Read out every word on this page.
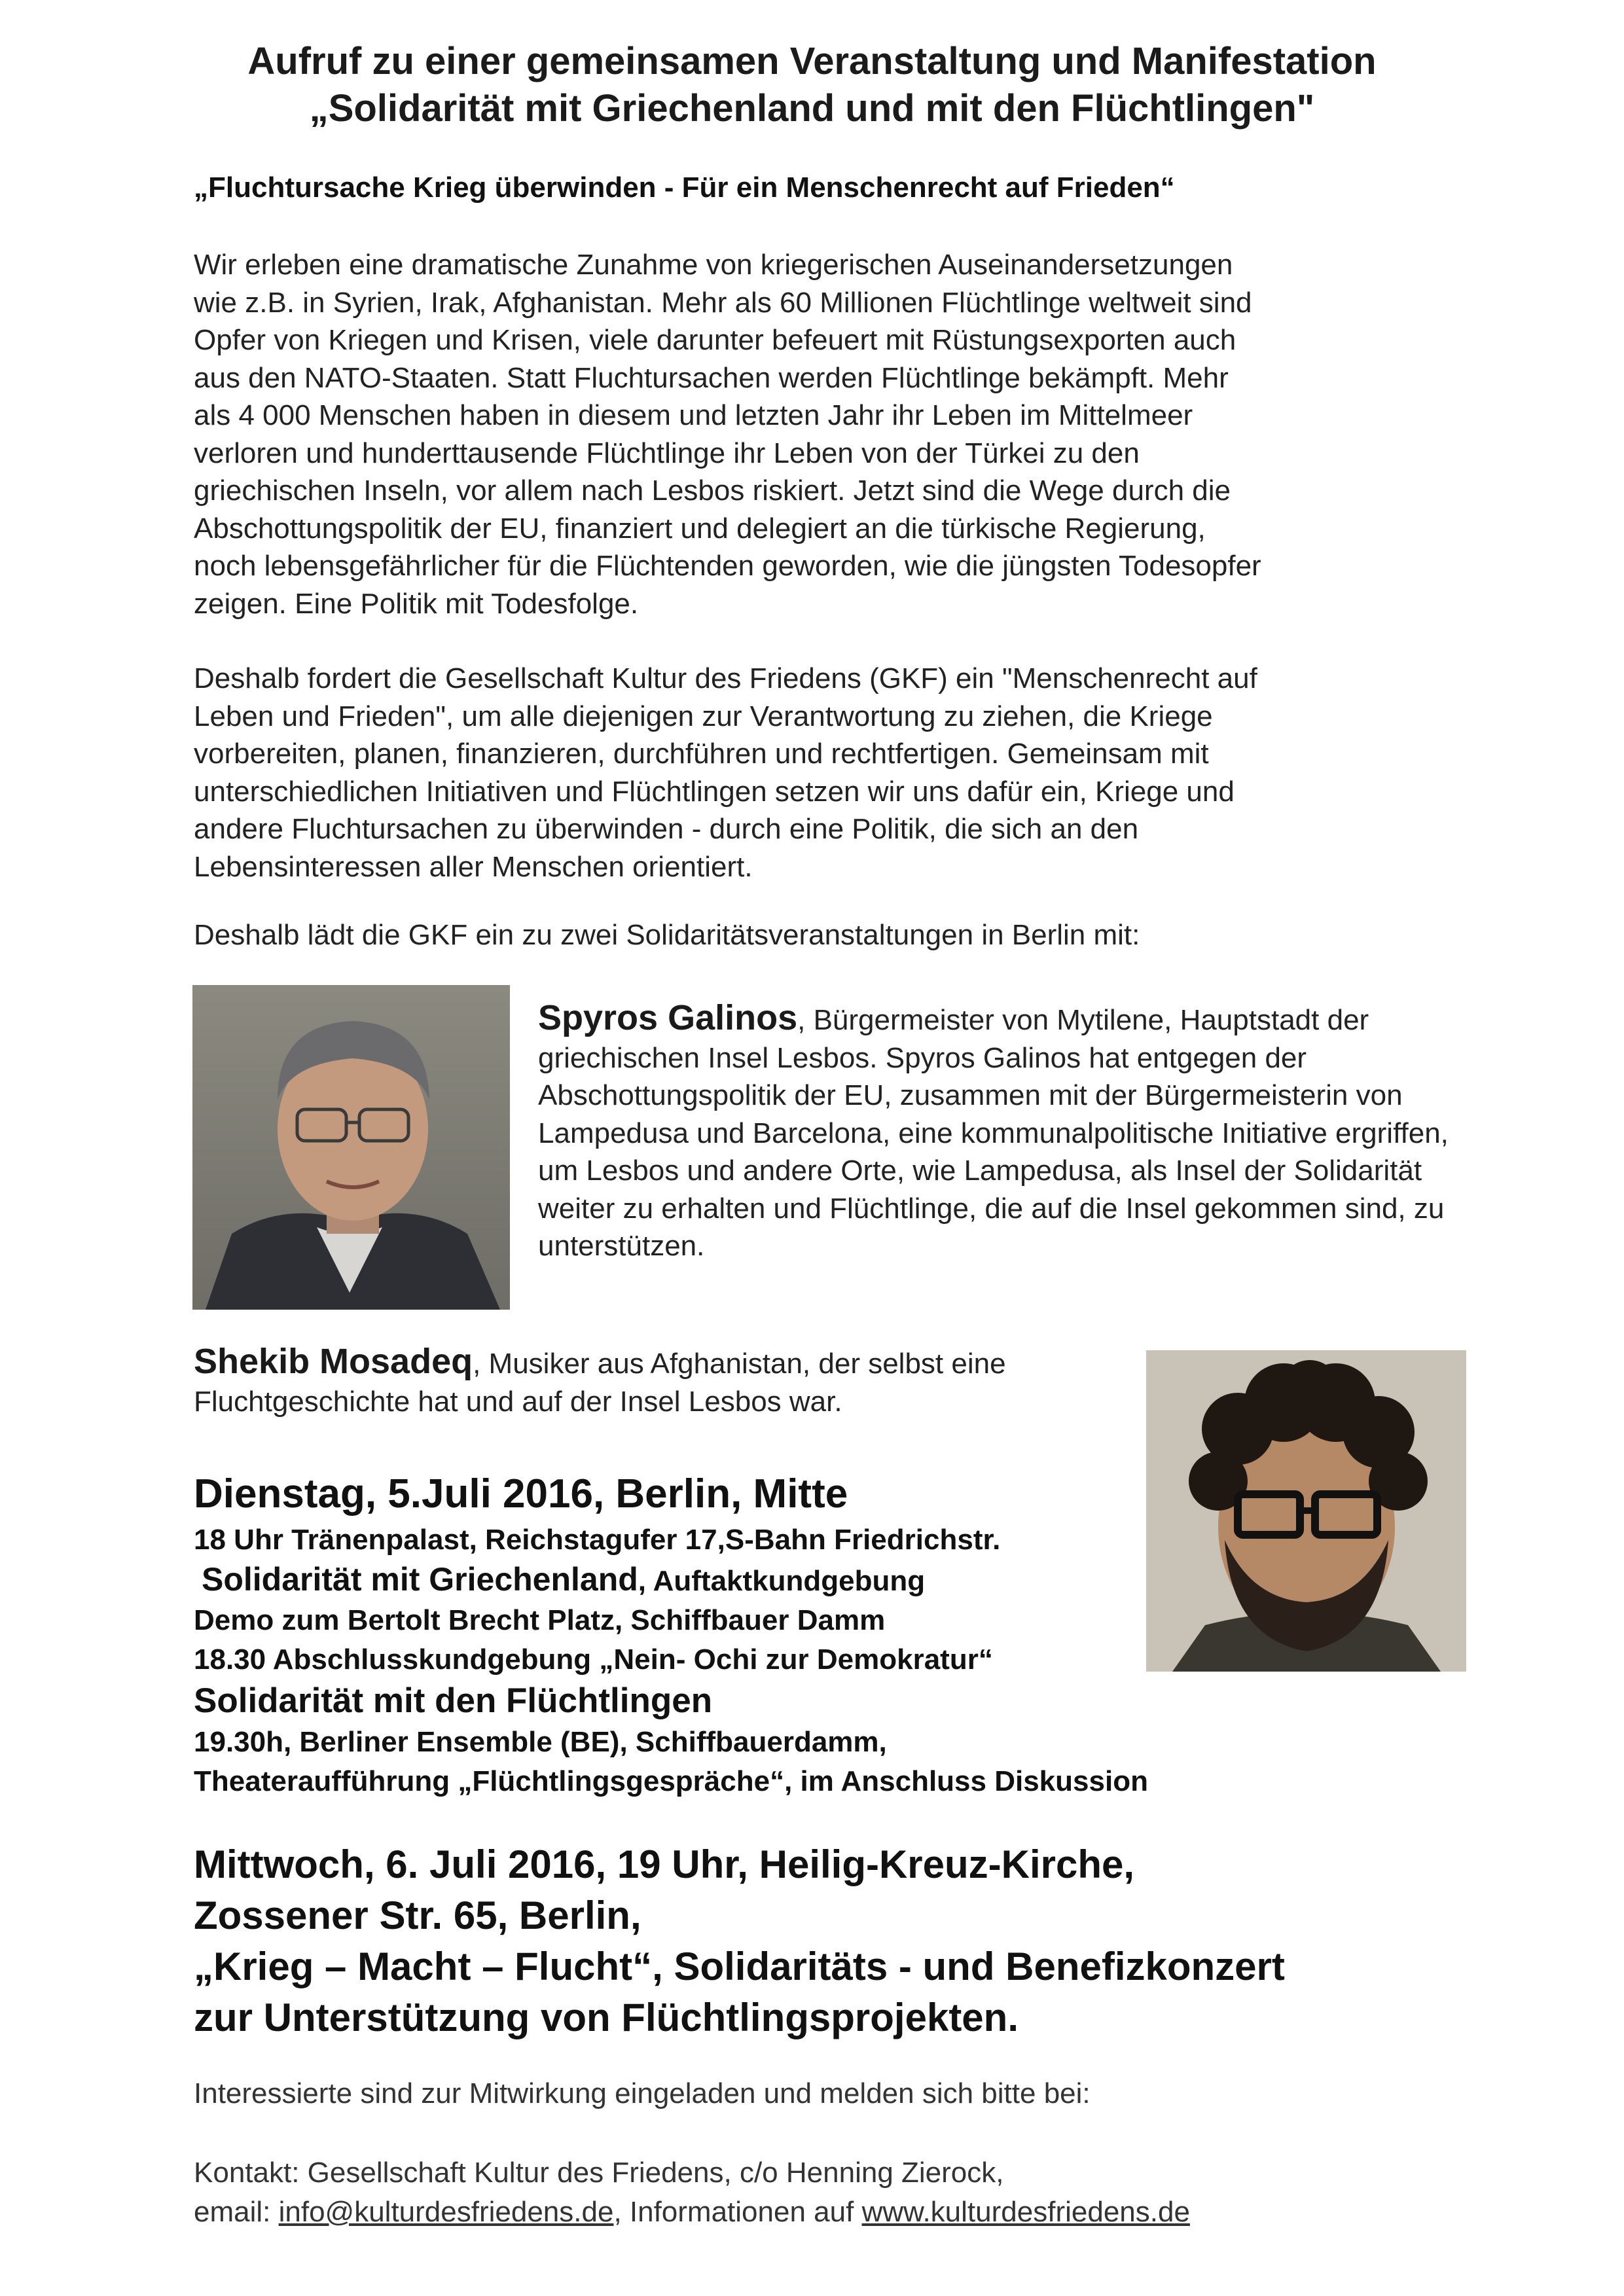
Aufruf zu einer gemeinsamen Veranstaltung und Manifestation
„Solidarität mit Griechenland und mit den Flüchtlingen"
„Fluchtursache Krieg überwinden - Für ein Menschenrecht auf Frieden“
Wir erleben eine dramatische Zunahme von kriegerischen Auseinandersetzungen
wie z.B. in Syrien, Irak, Afghanistan. Mehr als 60 Millionen Flüchtlinge weltweit sind
Opfer von Kriegen und Krisen, viele darunter befeuert mit Rüstungsexporten auch
aus den NATO-Staaten. Statt Fluchtursachen werden Flüchtlinge bekämpft. Mehr
als 4 000 Menschen haben in diesem und letzten Jahr ihr Leben im Mittelmeer
verloren und hunderttausende Flüchtlinge ihr Leben von der Türkei zu den
griechischen Inseln, vor allem nach Lesbos riskiert. Jetzt sind die Wege durch die
Abschottungspolitik der EU, finanziert und delegiert an die türkische Regierung,
noch lebensgefährlicher für die Flüchtenden geworden, wie die jüngsten Todesopfer
zeigen. Eine Politik mit Todesfolge.
Deshalb fordert die Gesellschaft Kultur des Friedens (GKF) ein "Menschenrecht auf
Leben und Frieden", um alle diejenigen zur Verantwortung zu ziehen, die Kriege
vorbereiten, planen, finanzieren, durchführen und rechtfertigen. Gemeinsam mit
unterschiedlichen Initiativen und Flüchtlingen setzen wir uns dafür ein, Kriege und
andere Fluchtursachen zu überwinden - durch eine Politik, die sich an den
Lebensinteressen aller Menschen orientiert.
Deshalb lädt die GKF ein zu zwei Solidaritätsveranstaltungen in Berlin mit:
Spyros Galinos, Bürgermeister von Mytilene, Hauptstadt der griechischen Insel Lesbos. Spyros Galinos hat entgegen der Abschottungspolitik der EU, zusammen mit der Bürgermeisterin von Lampedusa und Barcelona, eine kommunalpolitische Initiative ergriffen, um Lesbos und andere Orte, wie Lampedusa, als Insel der Solidarität weiter zu erhalten und Flüchtlinge, die auf die Insel gekommen sind, zu unterstützen.
Shekib Mosadeq, Musiker aus Afghanistan, der selbst eine Fluchtgeschichte hat und auf der Insel Lesbos war.
Dienstag, 5.Juli 2016, Berlin, Mitte
18 Uhr Tränenpalast, Reichstagufer 17,S-Bahn Friedrichstr.
Solidarität mit Griechenland, Auftaktkundgebung
Demo zum Bertolt Brecht Platz, Schiffbauer Damm
18.30 Abschlusskundgebung „Nein- Ochi zur Demokratur“
Solidarität mit den Flüchtlingen
19.30h, Berliner Ensemble (BE), Schiffbauerdamm,
Theateraufführung „Flüchtlingsgespräche“, im Anschluss Diskussion
Mittwoch, 6. Juli 2016, 19 Uhr, Heilig-Kreuz-Kirche,
Zossener Str. 65, Berlin,
„Krieg – Macht – Flucht“, Solidaritäts - und Benefizkonzert
zur Unterstützung von Flüchtlingsprojekten.
Interessierte sind zur Mitwirkung eingeladen und melden sich bitte bei:
Kontakt: Gesellschaft Kultur des Friedens, c/o Henning Zierock,
email: info@kulturdesfriedens.de, Informationen auf www.kulturdesfriedens.de
